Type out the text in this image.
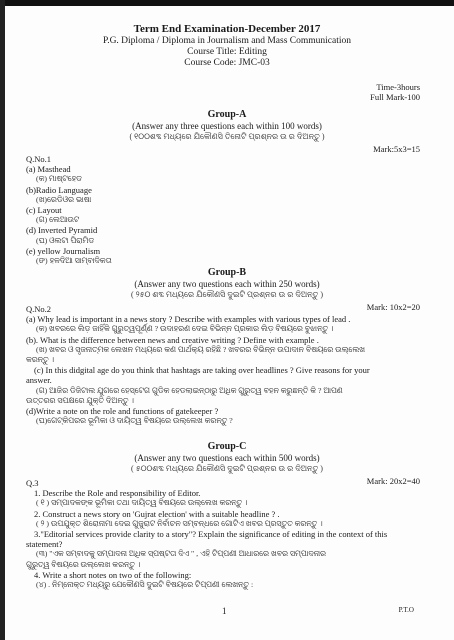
Term End Examination-December 2017
P.G. Diploma / Diploma in Journalism and Mass Communication
Course Title: Editing
Course Code: JMC-03
Time-3hours
Full Mark-100
Group-A
(Answer any three questions each within 100 words)
( ୧୦୦ଶବ୍ଦ ମଧ୍ୟରେ ଯିକୌଣସି ତିନୋଟି ପ୍ରଶ୍ନର ଉ ର ଦିଅନ୍ତୁ )
Mark:5x3=15
Q.No.1
(a) Masthead
(କ) ମାଷ୍ଟହେଡ
(b)Radio Language
(ଖ)ରେଡିଓର ଭାଷା
(c) Layout
(ଗ) ଲେଆଉଟ
(d) Inverted Pyramid
(ଘ) ଓଲଟା ପିରାମିଡ
(e) yellow Journalism
(ଙ) ହଳଦିଆ ସାମ୍ବାଦିକତା
Group-B
(Answer any two questions each within 250 words)
( ୨୫୦ ଶବ୍ଦ ମଧ୍ୟରେ ଯିକୌଣସି ଦୁଇଟି ପ୍ରଶ୍ନର ଉ ର ଦିଅନ୍ତୁ )
Mark: 10x2=20
Q.No.2
(a) Why lead is important in a news story ? Describe with examples with various types of lead .
(କ) ଖବରରେ ଲିଡ଼ ଜାହିଁକି ଗୁରୁତ୍ୱପୂର୍ଣ୍ଣ ? ଉଦାହରଣ ଦେଇ ବିଭିନ୍ନ ପ୍ରକାର ଲିଡ଼ ବିଷୟରେ ବୁଝାନ୍ତୁ ।
(b). What is the difference between news and creative writing ? Define with example .
(ଖ) ଖବର ଓ ସୃଜନାତ୍ମକ ଲେଖନ ମଧ୍ୟରେ କଣ ପାର୍ଥକ୍ୟ ରହିଛି ? ଖବରର ବିଭିନ୍ନ ଉପାଦାନ ବିଷୟରେ ଉଲ୍ଲେଖ
କରନ୍ତୁ ।
(c) In this didgital age do you think that hashtags are taking over headlines ? Give reasons for your
answer.
(ଗ) ଆଜିର ଡିଜିଟାଲ ଯୁଗରେ ହେସ୍‌ଟେଗ ଗୁଡିକ ହେଡଲାଇନ୍‌ଠାରୁ ଅଧିକ ଗୁରୁତ୍ୱ ବହନ କରୁଛନ୍ତି କି ? ଆପଣ
ଉତ୍ତରର ସପକ୍ଷରେ ଯୁକ୍ତି ଦିଅନ୍ତୁ ।
(d)Write a note on the role and functions of gatekeeper ?
(ଘ)ଗେଟ୍‌କିପରର ଭୂମିକା ଓ ଦାୟିତ୍ୱ ବିଷୟରେ ଉଲ୍ଲେଖ କରନ୍ତୁ ?
Group-C
(Answer any two questions each within 500 words)
( ୫୦୦ଶବ୍ଦ ମଧ୍ୟରେ ଯିକୌଣସି ଦୁଇଟି ପ୍ରଶ୍ନର ଉ ର ଦିଅନ୍ତୁ )
Mark: 20x2=40
Q.3
1. Describe the Role and responsibility of Editor.
( ୧ ) ସମ୍ପାଦକଙ୍କ ଭୂମିକା ତଥା ଦାୟିତ୍ୱ ବିଷୟରେ ଉଲ୍ଲେଖ କରନ୍ତୁ ।
2. Construct a news story on 'Gujrat election' with a suitable headline ? .
( ୨ ) ଉପଯୁକ୍ତ ଶିରୋନାମା ଦେଇ ଗୁଜୁରାଟ ନିର୍ବାଚନ ସମ୍ବନ୍ଧରେ ଗୋଟିଏ ଖବର ପ୍ରସ୍ତୁତ କରନ୍ତୁ ।
3."Editorial services provide clarity to a story"? Explain the significance of editing in the context of this
statement?
(୩) "ଏକ ସମ୍ବାଦକୁ ସମ୍ପାଦନା ଅଧିକ ସ୍ପଷ୍ଟତା ଦିଏ " , ଏହି ଟିପ୍ପଣୀ ଆଧାରରେ ଖବର ସମ୍ପାଦନାର
ଗୁରୁତ୍ୱ ବିଷୟରେ ଉଲ୍ଲେଖ କରନ୍ତୁ ।
4. Write a short notes on two of the following:
(୪) . ନିମ୍ନୋକ୍ତ ମଧ୍ୟରୁ ଯେକୌଣସି ଦୁଇଟି ବିଷୟରେ ଟିପ୍ପଣୀ ଲେଖନ୍ତୁ :
1	P.T.O
